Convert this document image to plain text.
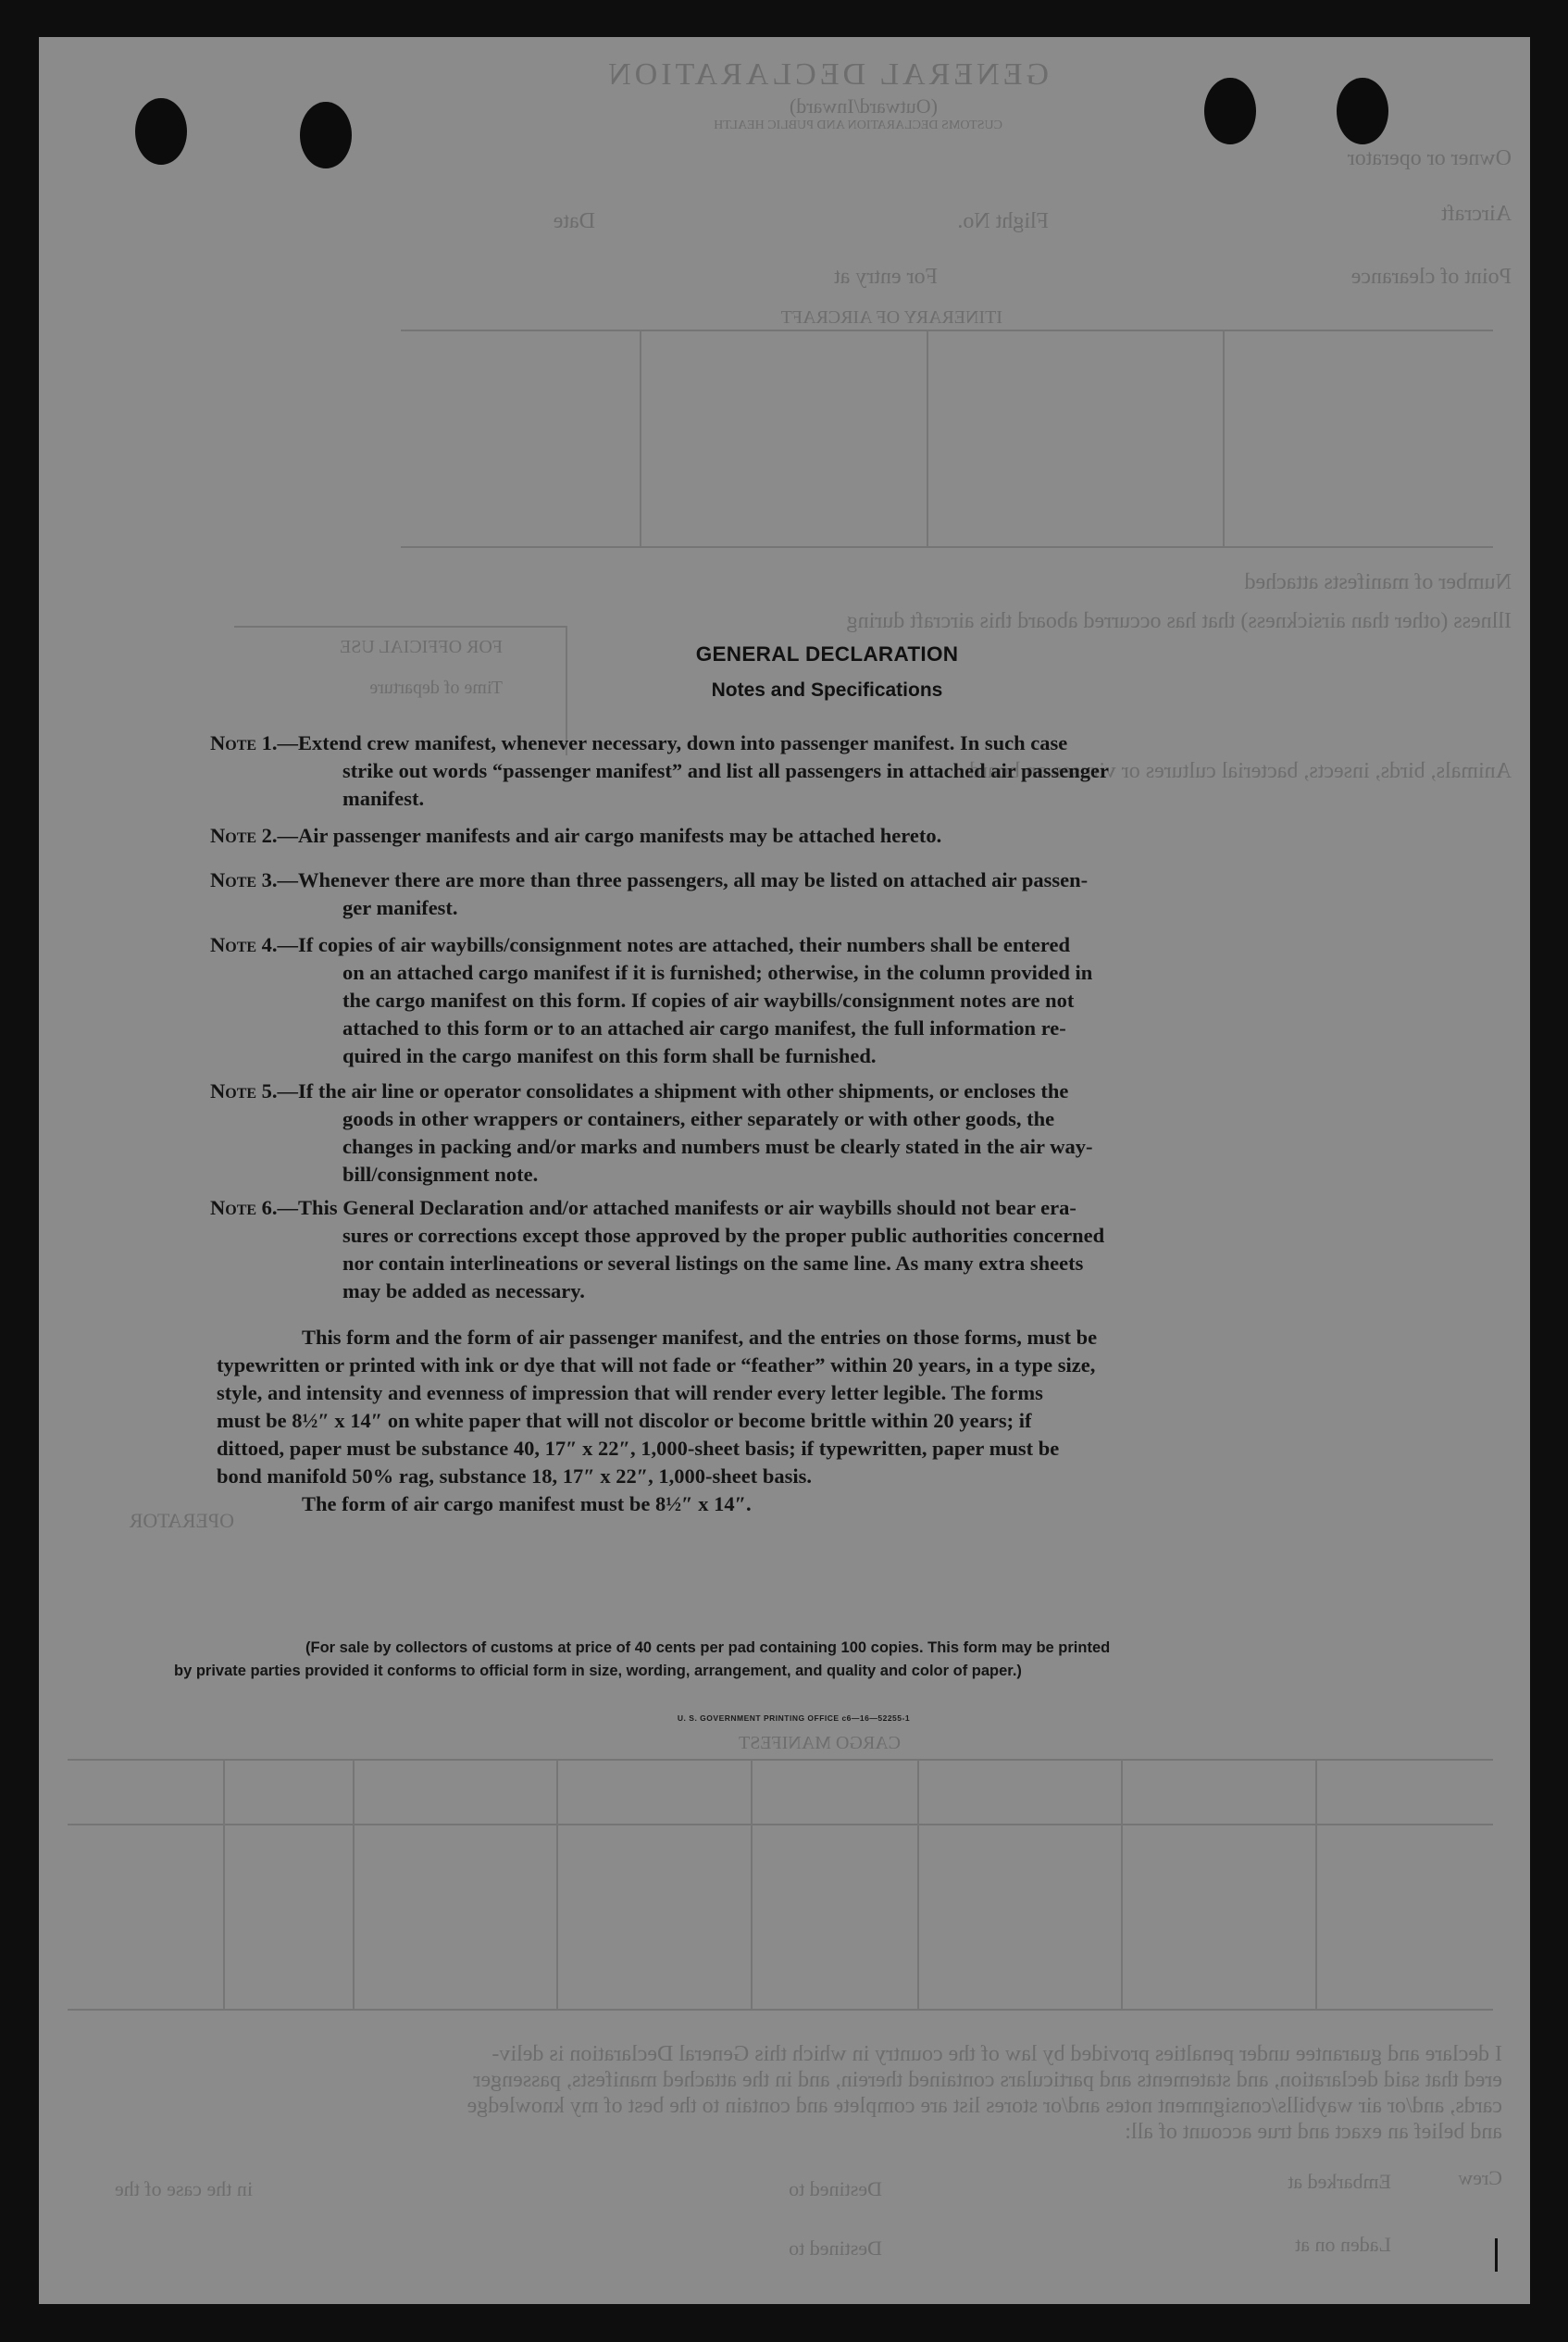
GENERAL DECLARATION
(Outward/Inward)
CUSTOMS DECLARATION AND PUBLIC HEALTH
Owner or operator
Aircraft
Flight No.
Date
Point of clearance
For entry at
ITINERARY OF AIRCRAFT
Number of manifests attached
Illness (other than airsickness) that has occurred aboard this aircraft during
FOR OFFICIAL USE
Time of departure
Animals, birds, insects, bacterial cultures or viruses on board
OPERATOR
CARGO MANIFEST
I declare and guarantee under penalties provided by law of the country in which this General Declaration is deliv-
ered that said declaration, and statements and particulars contained therein, and in the attached manifests, passenger
cards, and/or air waybills/consignment notes and/or stores list are complete and contain to the best of my knowledge
and belief an exact and true account of all:
Crew
Embarked at
Destined to
in the case of the
Laden on at
Destined to
GENERAL DECLARATION
Notes and Specifications
Note 1.—Extend crew manifest, whenever necessary, down into passenger manifest. In such case
strike out words “passenger manifest” and list all passengers in attached air passenger
manifest.
Note 2.—Air passenger manifests and air cargo manifests may be attached hereto.
Note 3.—Whenever there are more than three passengers, all may be listed on attached air passen-
ger manifest.
Note 4.—If copies of air waybills/consignment notes are attached, their numbers shall be entered
on an attached cargo manifest if it is furnished; otherwise, in the column provided in
the cargo manifest on this form. If copies of air waybills/consignment notes are not
attached to this form or to an attached air cargo manifest, the full information re-
quired in the cargo manifest on this form shall be furnished.
Note 5.—If the air line or operator consolidates a shipment with other shipments, or encloses the
goods in other wrappers or containers, either separately or with other goods, the
changes in packing and/or marks and numbers must be clearly stated in the air way-
bill/consignment note.
Note 6.—This General Declaration and/or attached manifests or air waybills should not bear era-
sures or corrections except those approved by the proper public authorities concerned
nor contain interlineations or several listings on the same line. As many extra sheets
may be added as necessary.
This form and the form of air passenger manifest, and the entries on those forms, must be
typewritten or printed with ink or dye that will not fade or “feather” within 20 years, in a type size,
style, and intensity and evenness of impression that will render every letter legible. The forms
must be 8½″ x 14″ on white paper that will not discolor or become brittle within 20 years; if
dittoed, paper must be substance 40, 17″ x 22″, 1,000-sheet basis; if typewritten, paper must be
bond manifold 50% rag, substance 18, 17″ x 22″, 1,000-sheet basis.
The form of air cargo manifest must be 8½″ x 14″.
(For sale by collectors of customs at price of 40 cents per pad containing 100 copies. This form may be printed
by private parties provided it conforms to official form in size, wording, arrangement, and quality and color of paper.)
U. S. GOVERNMENT PRINTING OFFICE c6—16—52255-1
